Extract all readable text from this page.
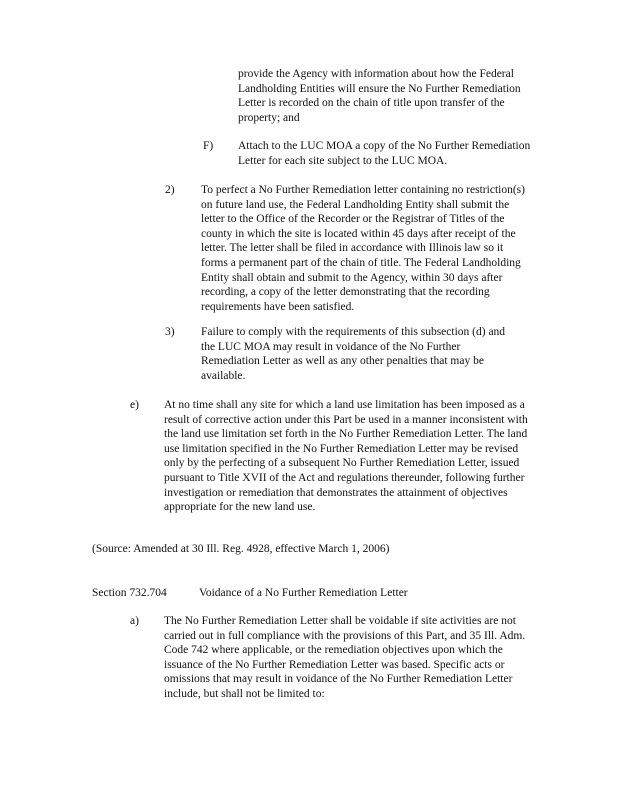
provide the Agency with information about how the Federal Landholding Entities will ensure the No Further Remediation Letter is recorded on the chain of title upon transfer of the property; and

F) Attach to the LUC MOA a copy of the No Further Remediation Letter for each site subject to the LUC MOA.

2) To perfect a No Further Remediation letter containing no restriction(s) on future land use, the Federal Landholding Entity shall submit the letter to the Office of the Recorder or the Registrar of Titles of the county in which the site is located within 45 days after receipt of the letter. The letter shall be filed in accordance with Illinois law so it forms a permanent part of the chain of title. The Federal Landholding Entity shall obtain and submit to the Agency, within 30 days after recording, a copy of the letter demonstrating that the recording requirements have been satisfied.

3) Failure to comply with the requirements of this subsection (d) and the LUC MOA may result in voidance of the No Further Remediation Letter as well as any other penalties that may be available.

e) At no time shall any site for which a land use limitation has been imposed as a result of corrective action under this Part be used in a manner inconsistent with the land use limitation set forth in the No Further Remediation Letter. The land use limitation specified in the No Further Remediation Letter may be revised only by the perfecting of a subsequent No Further Remediation Letter, issued pursuant to Title XVII of the Act and regulations thereunder, following further investigation or remediation that demonstrates the attainment of objectives appropriate for the new land use.

(Source: Amended at 30 Ill. Reg. 4928, effective March 1, 2006)

Section 732.704	Voidance of a No Further Remediation Letter
a) The No Further Remediation Letter shall be voidable if site activities are not carried out in full compliance with the provisions of this Part, and 35 Ill. Adm. Code 742 where applicable, or the remediation objectives upon which the issuance of the No Further Remediation Letter was based. Specific acts or omissions that may result in voidance of the No Further Remediation Letter include, but shall not be limited to:
